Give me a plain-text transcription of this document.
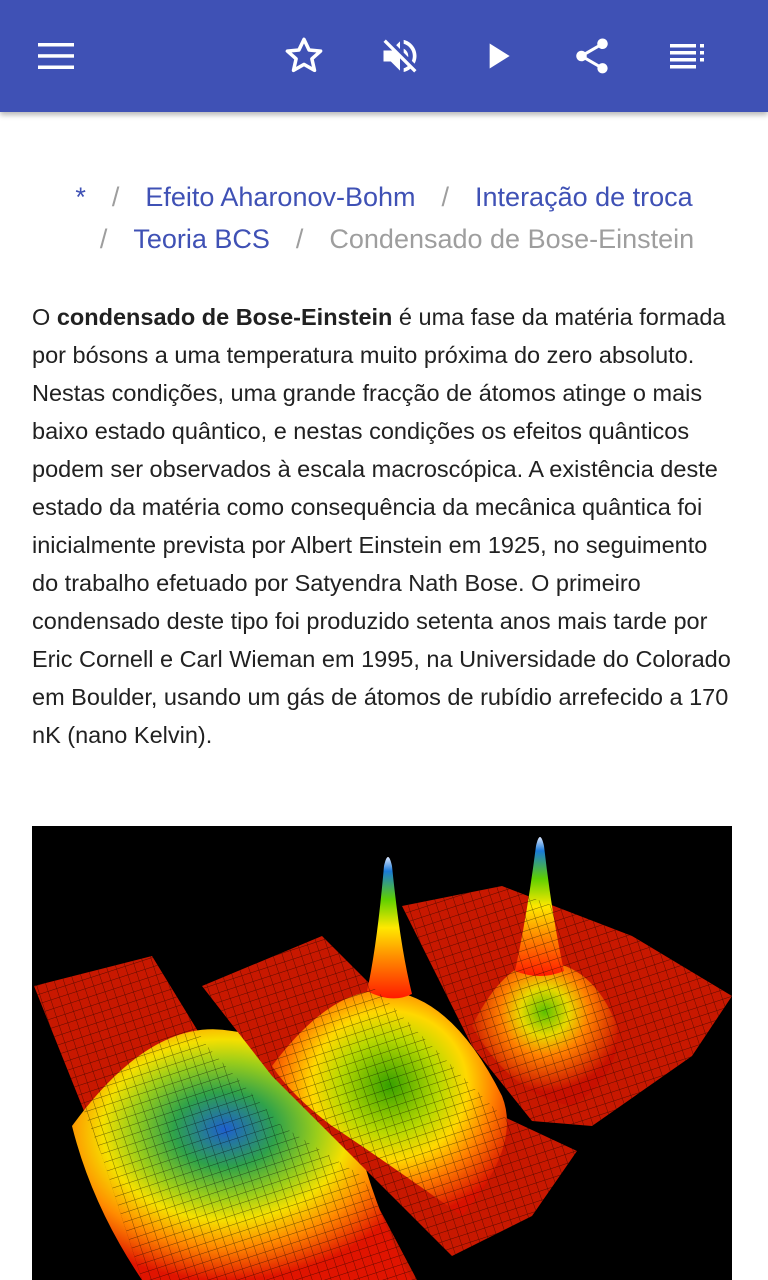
* / Efeito Aharonov-Bohm / Interação de troca
/ Teoria BCS / Condensado de Bose-Einstein

O condensado de Bose-Einstein é uma fase da matéria formada por bósons a uma temperatura muito próxima do zero absoluto. Nestas condições, uma grande fracção de átomos atinge o mais baixo estado quântico, e nestas condições os efeitos quânticos podem ser observados à escala macroscópica. A existência deste estado da matéria como consequência da mecânica quântica foi inicialmente prevista por Albert Einstein em 1925, no seguimento do trabalho efetuado por Satyendra Nath Bose. O primeiro condensado deste tipo foi produzido setenta anos mais tarde por Eric Cornell e Carl Wieman em 1995, na Universidade do Colorado em Boulder, usando um gás de átomos de rubídio arrefecido a 170 nK (nano Kelvin).
